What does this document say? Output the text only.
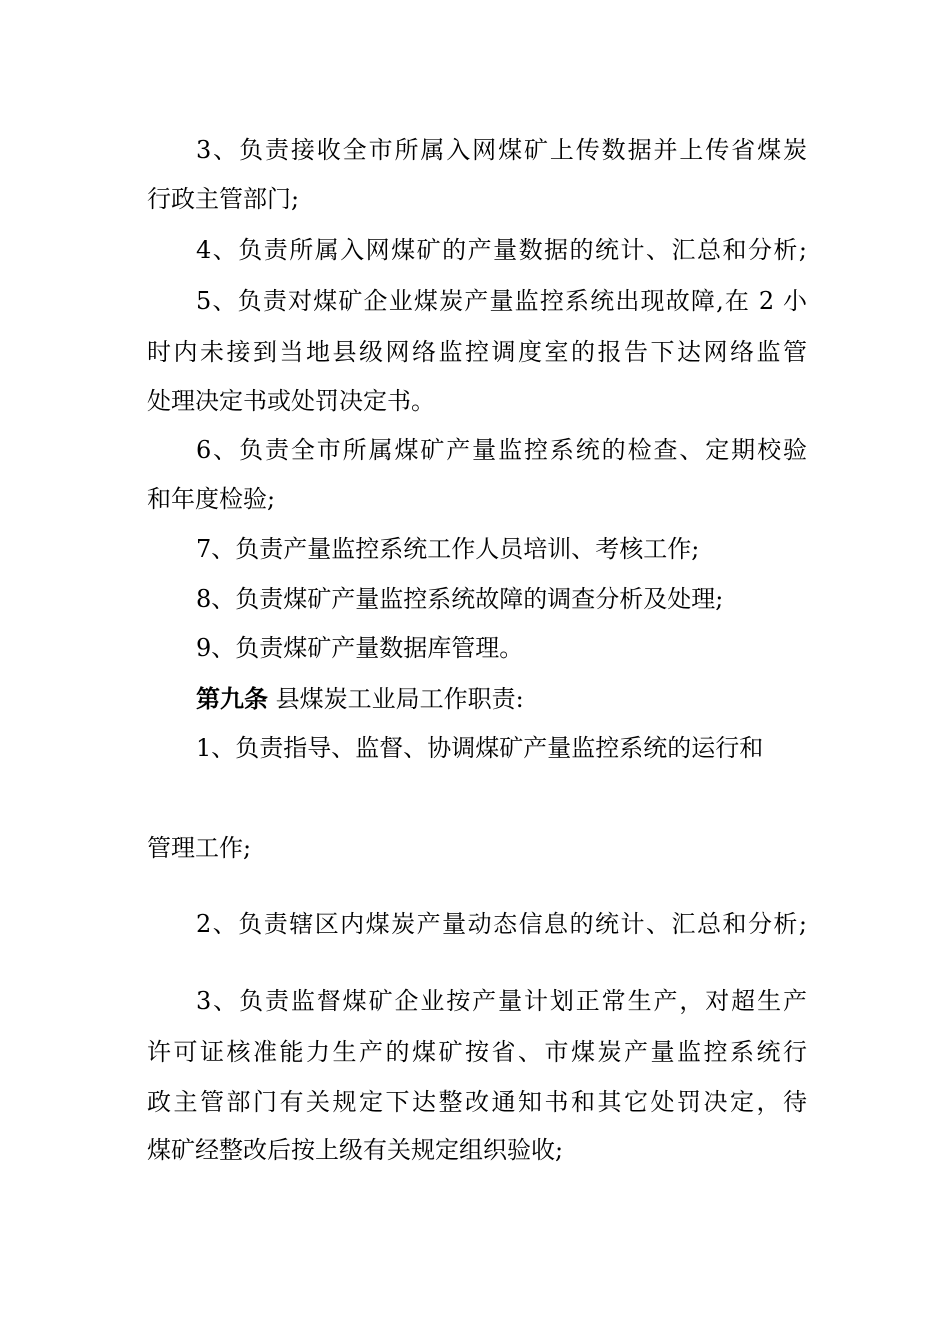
3、负责接收全市所属入网煤矿上传数据并上传省煤炭
行政主管部门;
4、负责所属入网煤矿的产量数据的统计、汇总和分析;
5、负责对煤矿企业煤炭产量监控系统出现故障,在 2 小
时内未接到当地县级网络监控调度室的报告下达网络监管
处理决定书或处罚决定书。
6、负责全市所属煤矿产量监控系统的检查、定期校验
和年度检验;
7、负责产量监控系统工作人员培训、考核工作;
8、负责煤矿产量监控系统故障的调查分析及处理;
9、负责煤矿产量数据库管理。
第九条 县煤炭工业局工作职责:
1、负责指导、监督、协调煤矿产量监控系统的运行和
管理工作;
2、负责辖区内煤炭产量动态信息的统计、汇总和分析;
3、负责监督煤矿企业按产量计划正常生产，对超生产
许可证核准能力生产的煤矿按省、市煤炭产量监控系统行
政主管部门有关规定下达整改通知书和其它处罚决定，待
煤矿经整改后按上级有关规定组织验收;
